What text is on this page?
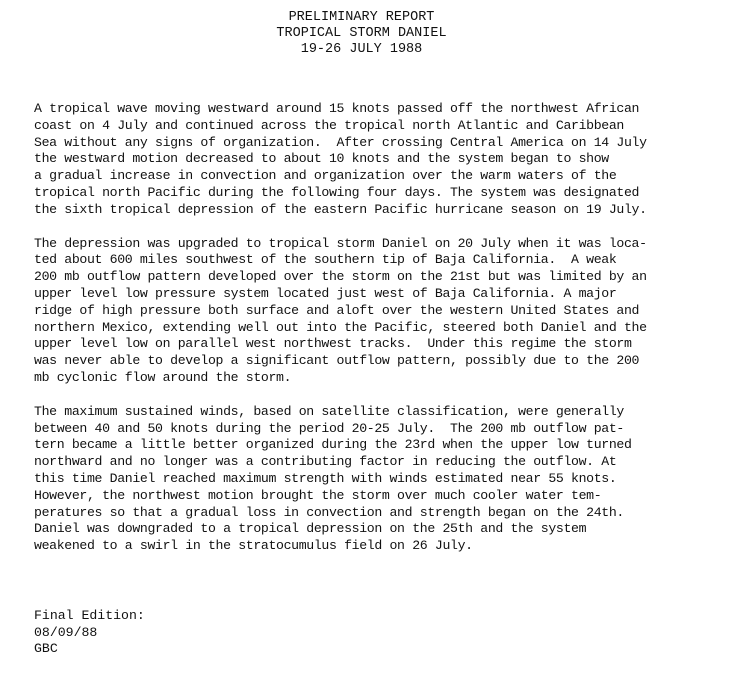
PRELIMINARY REPORT
TROPICAL STORM DANIEL
19-26 JULY 1988
A tropical wave moving westward around 15 knots passed off the northwest African
coast on 4 July and continued across the tropical north Atlantic and Caribbean
Sea without any signs of organization.  After crossing Central America on 14 July
the westward motion decreased to about 10 knots and the system began to show
a gradual increase in convection and organization over the warm waters of the
tropical north Pacific during the following four days. The system was designated
the sixth tropical depression of the eastern Pacific hurricane season on 19 July.
The depression was upgraded to tropical storm Daniel on 20 July when it was loca-
ted about 600 miles southwest of the southern tip of Baja California.  A weak
200 mb outflow pattern developed over the storm on the 21st but was limited by an
upper level low pressure system located just west of Baja California. A major
ridge of high pressure both surface and aloft over the western United States and
northern Mexico, extending well out into the Pacific, steered both Daniel and the
upper level low on parallel west northwest tracks.  Under this regime the storm
was never able to develop a significant outflow pattern, possibly due to the 200
mb cyclonic flow around the storm.
The maximum sustained winds, based on satellite classification, were generally
between 40 and 50 knots during the period 20-25 July.  The 200 mb outflow pat-
tern became a little better organized during the 23rd when the upper low turned
northward and no longer was a contributing factor in reducing the outflow. At
this time Daniel reached maximum strength with winds estimated near 55 knots.
However, the northwest motion brought the storm over much cooler water tem-
peratures so that a gradual loss in convection and strength began on the 24th.
Daniel was downgraded to a tropical depression on the 25th and the system
weakened to a swirl in the stratocumulus field on 26 July.
Final Edition:
08/09/88
GBC
